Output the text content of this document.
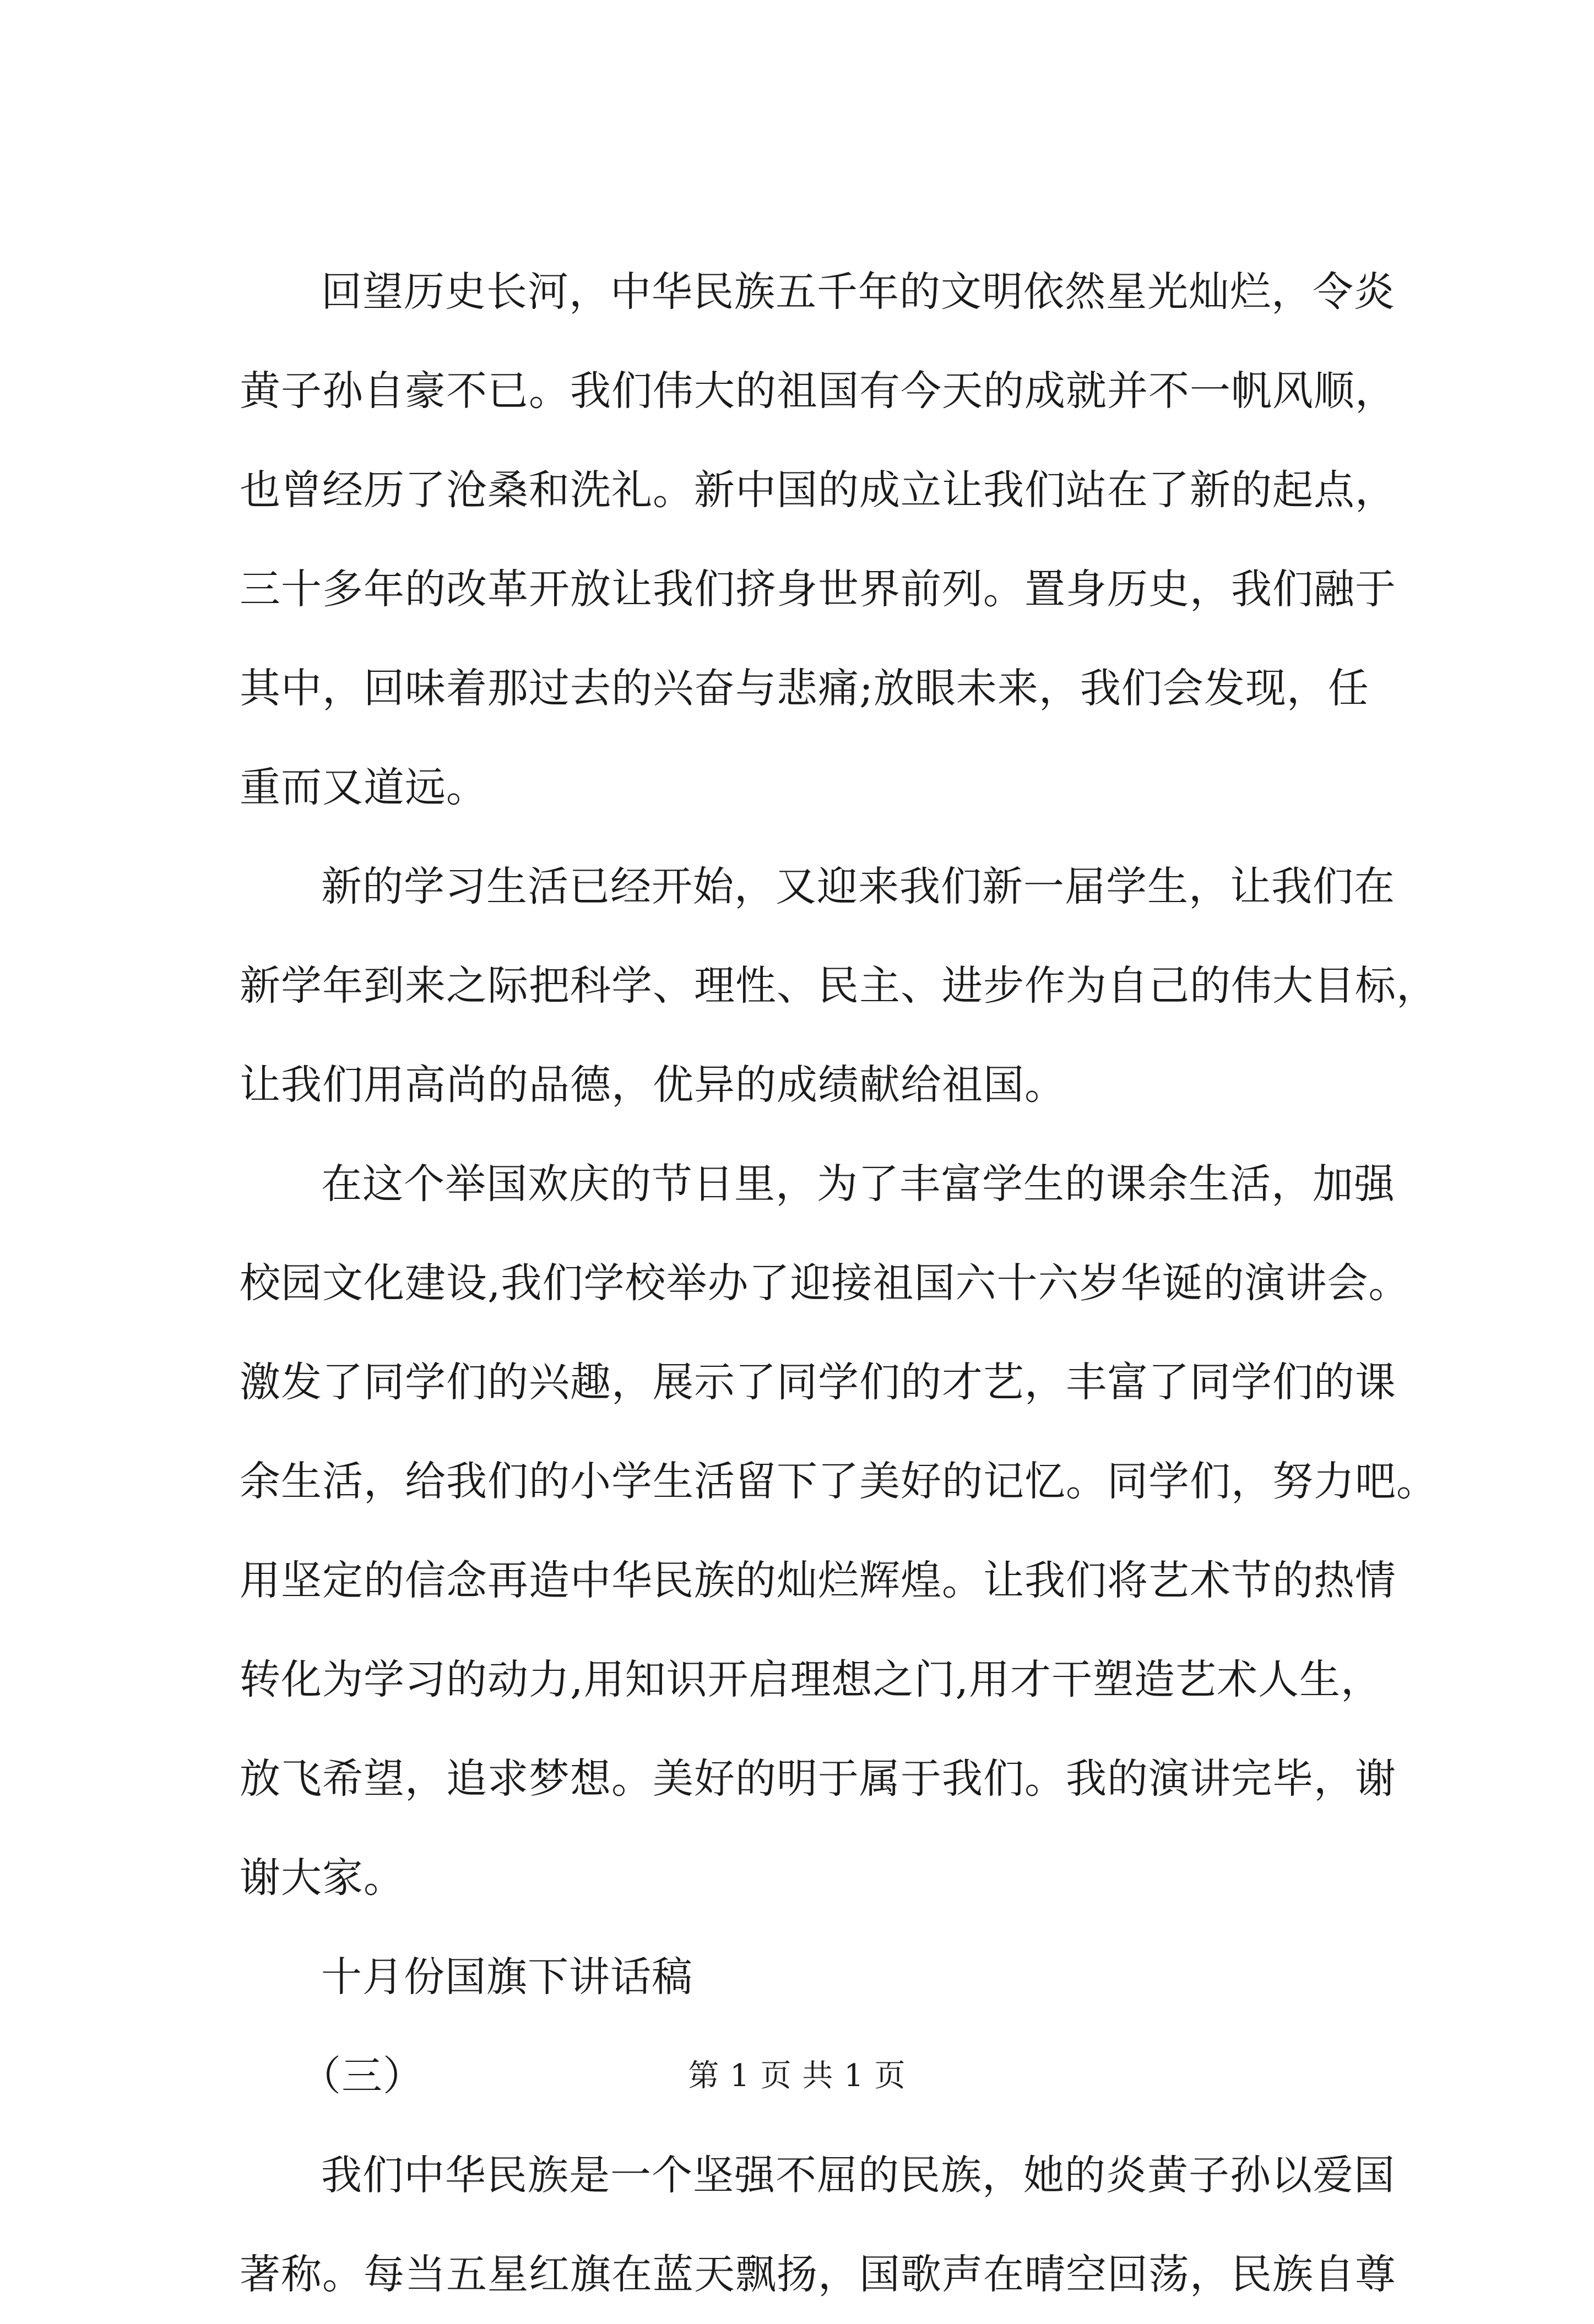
回望历史长河，中华民族五千年的文明依然星光灿烂，令炎
黄子孙自豪不已。我们伟大的祖国有今天的成就并不一帆风顺，
也曾经历了沧桑和洗礼。新中国的成立让我们站在了新的起点，
三十多年的改革开放让我们挤身世界前列。置身历史，我们融于
其中，回味着那过去的兴奋与悲痛;放眼未来，我们会发现，任
重而又道远。
新的学习生活已经开始，又迎来我们新一届学生，让我们在
新学年到来之际把科学、理性、民主、进步作为自己的伟大目标，
让我们用高尚的品德，优异的成绩献给祖国。
在这个举国欢庆的节日里，为了丰富学生的课余生活，加强
校园文化建设,我们学校举办了迎接祖国六十六岁华诞的演讲会。
激发了同学们的兴趣，展示了同学们的才艺，丰富了同学们的课
余生活，给我们的小学生活留下了美好的记忆。同学们，努力吧。
用坚定的信念再造中华民族的灿烂辉煌。让我们将艺术节的热情
转化为学习的动力,用知识开启理想之门,用才干塑造艺术人生，
放飞希望，追求梦想。美好的明于属于我们。我的演讲完毕，谢
谢大家。
十月份国旗下讲话稿
（三）
我们中华民族是一个坚强不屈的民族，她的炎黄子孙以爱国
著称。每当五星红旗在蓝天飘扬，国歌声在晴空回荡，民族自尊
第 1 页 共 1 页
